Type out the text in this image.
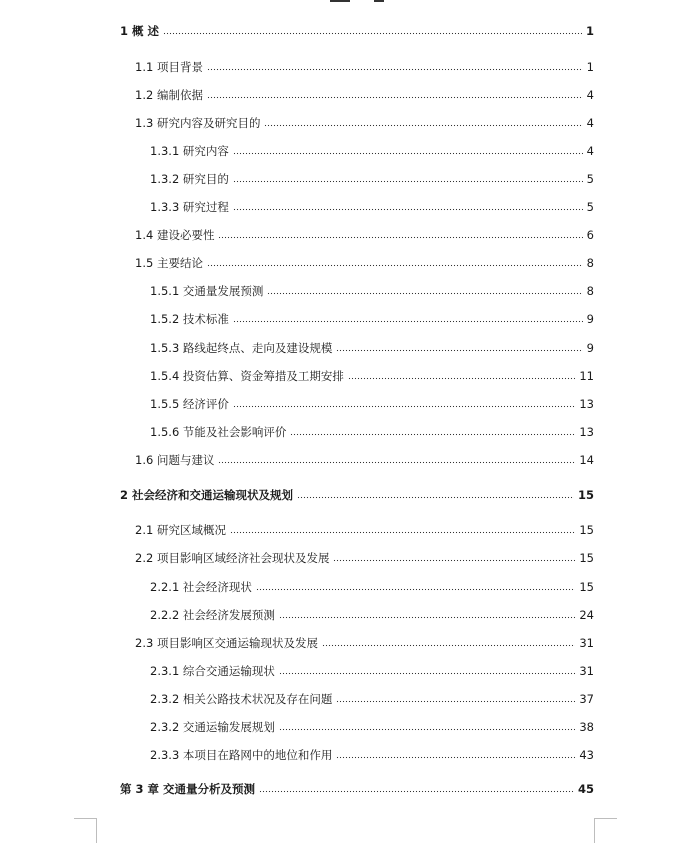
1 概 述	1
1.1 项目背景	1
1.2 编制依据	4
1.3 研究内容及研究目的	4
1.3.1 研究内容	4
1.3.2 研究目的	5
1.3.3 研究过程	5
1.4 建设必要性	6
1.5 主要结论	8
1.5.1 交通量发展预测	8
1.5.2 技术标准	9
1.5.3 路线起终点、走向及建设规模	9
1.5.4 投资估算、资金筹措及工期安排	11
1.5.5 经济评价	13
1.5.6 节能及社会影响评价	13
1.6 问题与建议	14
2 社会经济和交通运输现状及规划	15
2.1 研究区域概况	15
2.2 项目影响区域经济社会现状及发展	15
2.2.1 社会经济现状	15
2.2.2 社会经济发展预测	24
2.3 项目影响区交通运输现状及发展	31
2.3.1 综合交通运输现状	31
2.3.2 相关公路技术状况及存在问题	37
2.3.2 交通运输发展规划	38
2.3.3 本项目在路网中的地位和作用	43
第 3 章 交通量分析及预测	45
